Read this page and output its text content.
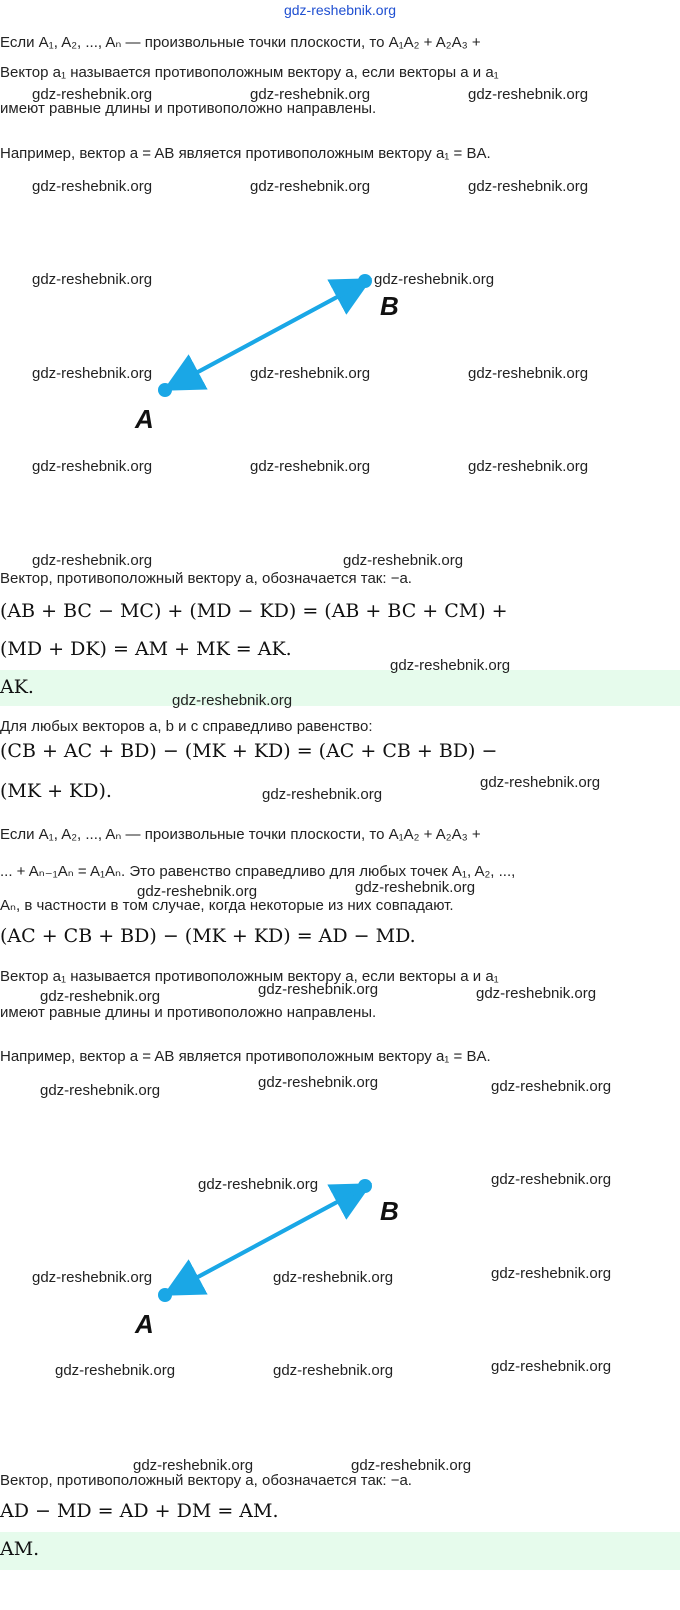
gdz-reshebnik.org
Если A₁, A₂, ..., Aₙ — произвольные точки плоскости, то A₁A₂ + A₂A₃ +
Вектор a₁ называется противоположным вектору a, если векторы a и a₁
имеют равные длины и противоположно направлены.
Например, вектор a = AB является противоположным вектору a₁ = BA.
B
A
Вектор, противоположный вектору a, обозначается так: −a.
(AB + BC − MC) + (MD − KD) = (AB + BC + CM) +
(MD + DK) = AM + MK = AK.
AK.
Для любых векторов a, b и c справедливо равенство:
(CB + AC + BD) − (MK + KD) = (AC + CB + BD) −
(MK + KD).
Если A₁, A₂, ..., Aₙ — произвольные точки плоскости, то A₁A₂ + A₂A₃ +
... + Aₙ₋₁Aₙ = A₁Aₙ. Это равенство справедливо для любых точек A₁, A₂, ...,
Aₙ, в частности в том случае, когда некоторые из них совпадают.
(AC + CB + BD) − (MK + KD) = AD − MD.
Вектор a₁ называется противоположным вектору a, если векторы a и a₁
имеют равные длины и противоположно направлены.
Например, вектор a = AB является противоположным вектору a₁ = BA.
B
A
Вектор, противоположный вектору a, обозначается так: −a.
AD − MD = AD + DM = AM.
AM.
gdz-reshebnik.org	gdz-reshebnik.org	gdz-reshebnik.org
gdz-reshebnik.org	gdz-reshebnik.org	gdz-reshebnik.org
gdz-reshebnik.org	gdz-reshebnik.org
gdz-reshebnik.org	gdz-reshebnik.org	gdz-reshebnik.org
gdz-reshebnik.org	gdz-reshebnik.org	gdz-reshebnik.org
gdz-reshebnik.org	gdz-reshebnik.org
gdz-reshebnik.org
gdz-reshebnik.org
gdz-reshebnik.org
gdz-reshebnik.org
gdz-reshebnik.org
gdz-reshebnik.org
gdz-reshebnik.org
gdz-reshebnik.org	gdz-reshebnik.org
gdz-reshebnik.org
gdz-reshebnik.org	gdz-reshebnik.org
gdz-reshebnik.org	gdz-reshebnik.org
gdz-reshebnik.org	gdz-reshebnik.org	gdz-reshebnik.org
gdz-reshebnik.org	gdz-reshebnik.org	gdz-reshebnik.org
gdz-reshebnik.org	gdz-reshebnik.org
